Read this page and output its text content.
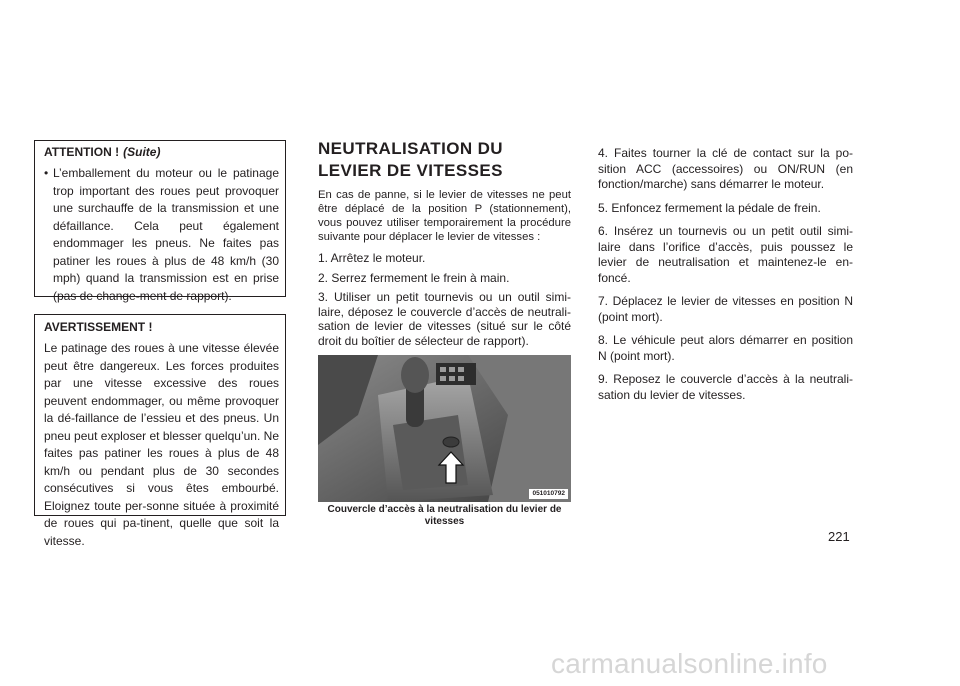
ATTENTION ! (Suite)
• L’emballement du moteur ou le patinage trop important des roues peut provoquer une surchauffe de la transmission et une défaillance. Cela peut également endommager les pneus. Ne faites pas patiner les roues à plus de 48 km/h (30 mph) quand la transmission est en prise (pas de change-ment de rapport).
AVERTISSEMENT !

Le patinage des roues à une vitesse élevée peut être dangereux. Les forces produites par une vitesse excessive des roues peuvent endommager, ou même provoquer la dé-faillance de l’essieu et des pneus. Un pneu peut exploser et blesser quelqu’un. Ne faites pas patiner les roues à plus de 48 km/h ou pendant plus de 30 secondes consécutives si vous êtes embourbé. Eloignez toute per-sonne située à proximité de roues qui pa-tinent, quelle que soit la vitesse.

NEUTRALISATION DU LEVIER DE VITESSES

En cas de panne, si le levier de vitesses ne peut être déplacé de la position P (stationnement), vous pouvez utiliser temporairement la procédure suivante pour déplacer le levier de vitesses :

1. Arrêtez le moteur.

2. Serrez fermement le frein à main.

3. Utiliser un petit tournevis ou un outil simi-laire, déposez le couvercle d’accès de neutrali-sation de levier de vitesses (situé sur le côté droit du boîtier de sélecteur de rapport).

051010792
Couvercle d’accès à la neutralisation du levier de vitesses

4. Faites tourner la clé de contact sur la po-sition ACC (accessoires) ou ON/RUN (en fonction/marche) sans démarrer le moteur.

5. Enfoncez fermement la pédale de frein.

6. Insérez un tournevis ou un petit outil simi-laire dans l’orifice d’accès, puis poussez le levier de neutralisation et maintenez-le en-foncé.

7. Déplacez le levier de vitesses en position N (point mort).

8. Le véhicule peut alors démarrer en position N (point mort).

9. Reposez le couvercle d’accès à la neutrali-sation du levier de vitesses.

221
carmanualsonline.info
